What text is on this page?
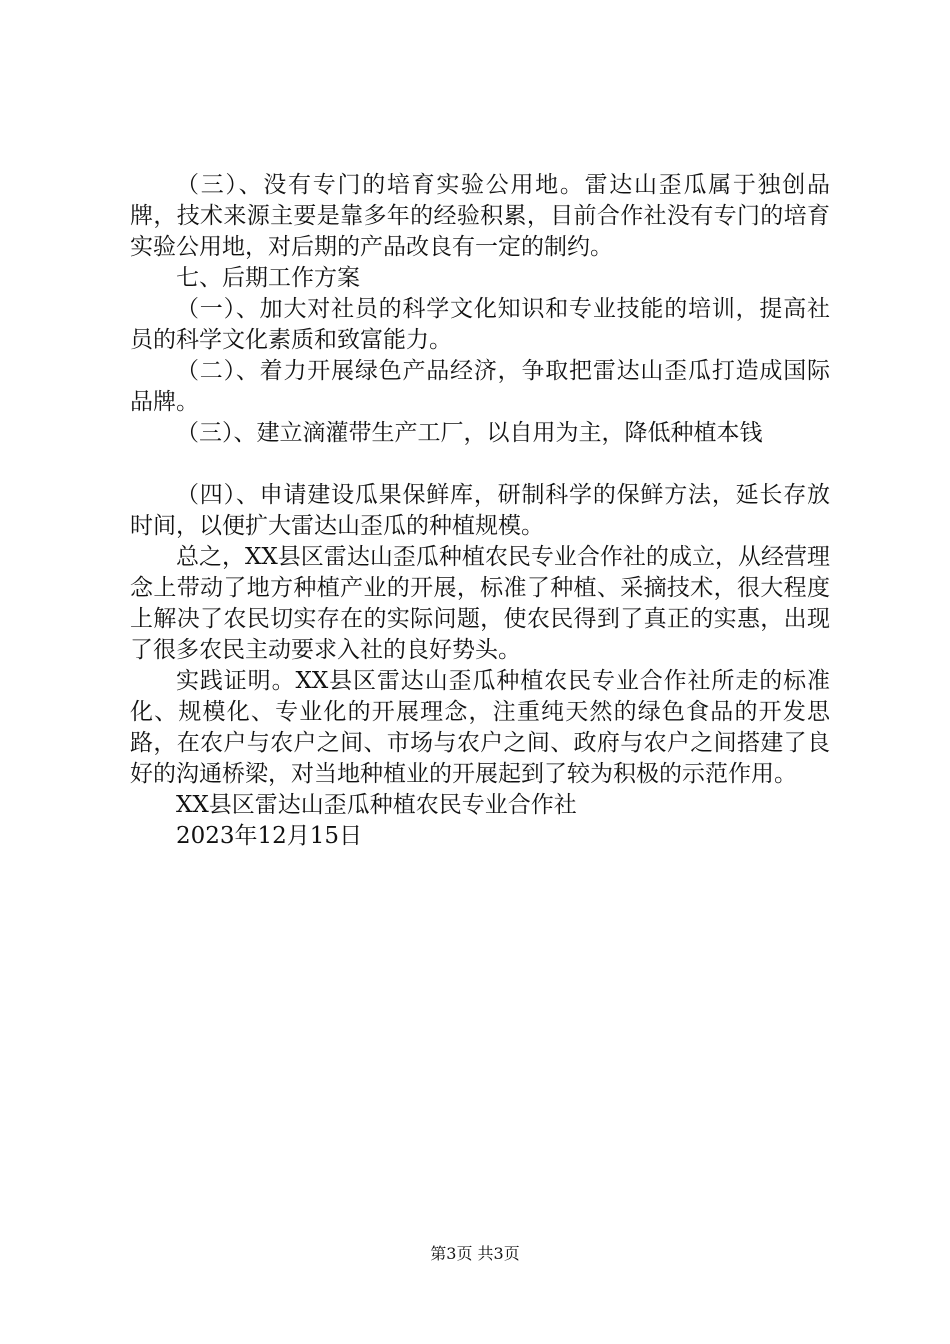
（三）、没有专门的培育实验公用地。雷达山歪瓜属于独创品牌，技术来源主要是靠多年的经验积累，目前合作社没有专门的培育实验公用地，对后期的产品改良有一定的制约。

七、后期工作方案

（一）、加大对社员的科学文化知识和专业技能的培训，提高社员的科学文化素质和致富能力。

（二）、着力开展绿色产品经济，争取把雷达山歪瓜打造成国际品牌。

（三）、建立滴灌带生产工厂，以自用为主，降低种植本钱

（四）、申请建设瓜果保鲜库，研制科学的保鲜方法，延长存放时间，以便扩大雷达山歪瓜的种植规模。

总之，XX县区雷达山歪瓜种植农民专业合作社的成立，从经营理念上带动了地方种植产业的开展，标准了种植、采摘技术，很大程度上解决了农民切实存在的实际问题，使农民得到了真正的实惠，出现了很多农民主动要求入社的良好势头。

实践证明。XX县区雷达山歪瓜种植农民专业合作社所走的标准化、规模化、专业化的开展理念，注重纯天然的绿色食品的开发思路，在农户与农户之间、市场与农户之间、政府与农户之间搭建了良好的沟通桥梁，对当地种植业的开展起到了较为积极的示范作用。

XX县区雷达山歪瓜种植农民专业合作社

2023年12月15日

第3页 共3页
